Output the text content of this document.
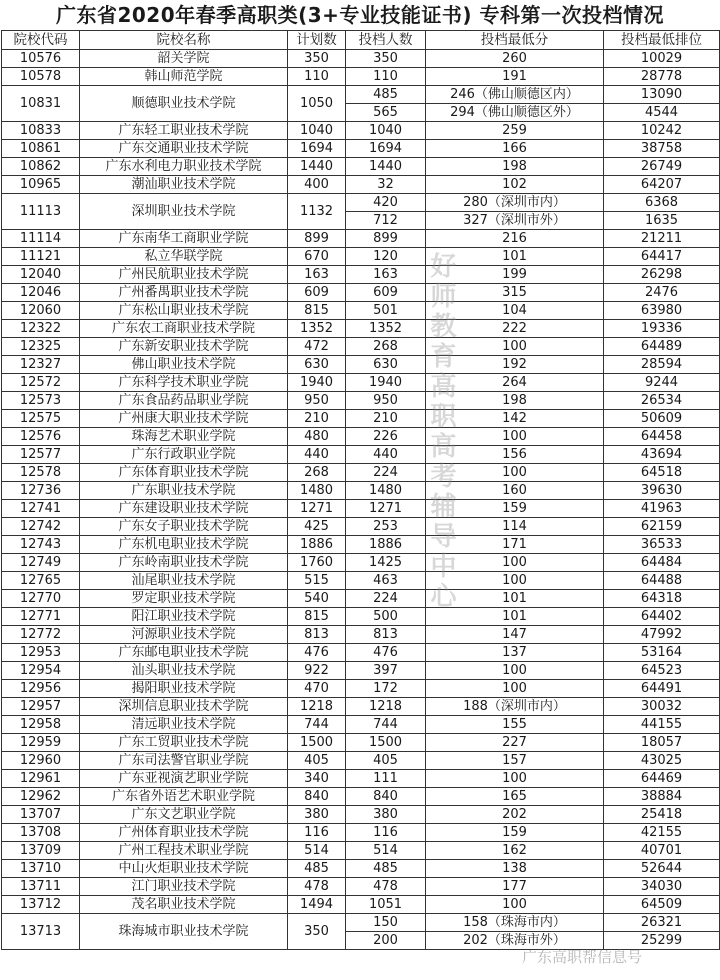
广东省2020年春季高职类(3+专业技能证书) 专科第一次投档情况
院校代码	院校名称	计划数	投档人数	投档最低分	投档最低排位
10576	韶关学院	350	350	260	10029
10578	韩山师范学院	110	110	191	28778
10831	顺德职业技术学院	1050	485	246（佛山顺德区内）	13090
			565	294（佛山顺德区外）	4544
10833	广东轻工职业技术学院	1040	1040	259	10242
10861	广东交通职业技术学院	1694	1694	166	38758
10862	广东水利电力职业技术学院	1440	1440	198	26749
10965	潮汕职业技术学院	400	32	102	64207
11113	深圳职业技术学院	1132	420	280（深圳市内）	6368
			712	327（深圳市外）	1635
11114	广东南华工商职业学院	899	899	216	21211
11121	私立华联学院	670	120	101	64417
12040	广州民航职业技术学院	163	163	199	26298
12046	广州番禺职业技术学院	609	609	315	2476
12060	广东松山职业技术学院	815	501	104	63980
12322	广东农工商职业技术学院	1352	1352	222	19336
12325	广东新安职业技术学院	472	268	100	64489
12327	佛山职业技术学院	630	630	192	28594
12572	广东科学技术职业学院	1940	1940	264	9244
12573	广东食品药品职业学院	950	950	198	26534
12575	广州康大职业技术学院	210	210	142	50609
12576	珠海艺术职业学院	480	226	100	64458
12577	广东行政职业学院	440	440	156	43694
12578	广东体育职业技术学院	268	224	100	64518
12736	广东职业技术学院	1480	1480	160	39630
12741	广东建设职业技术学院	1271	1271	159	41963
12742	广东女子职业技术学院	425	253	114	62159
12743	广东机电职业技术学院	1886	1886	171	36533
12749	广东岭南职业技术学院	1760	1425	100	64484
12765	汕尾职业技术学院	515	463	100	64488
12770	罗定职业技术学院	540	224	101	64318
12771	阳江职业技术学院	815	500	101	64402
12772	河源职业技术学院	813	813	147	47992
12953	广东邮电职业技术学院	476	476	137	53164
12954	汕头职业技术学院	922	397	100	64523
12956	揭阳职业技术学院	470	172	100	64491
12957	深圳信息职业技术学院	1218	1218	188（深圳市内）	30032
12958	清远职业技术学院	744	744	155	44155
12959	广东工贸职业技术学院	1500	1500	227	18057
12960	广东司法警官职业学院	405	405	157	43025
12961	广东亚视演艺职业学院	340	111	100	64469
12962	广东省外语艺术职业学院	840	840	165	38884
13707	广东文艺职业学院	380	380	202	25418
13708	广州体育职业技术学院	116	116	159	42155
13709	广州工程技术职业学院	514	514	162	40701
13710	中山火炬职业技术学院	485	485	138	52644
13711	江门职业技术学院	478	478	177	34030
13712	茂名职业技术学院	1494	1051	100	64509
13713	珠海城市职业技术学院	350	150	158（珠海市内）	26321
			200	202（珠海市外）	25299
好师教育高职高考辅导中心
广东高职帮信息号
